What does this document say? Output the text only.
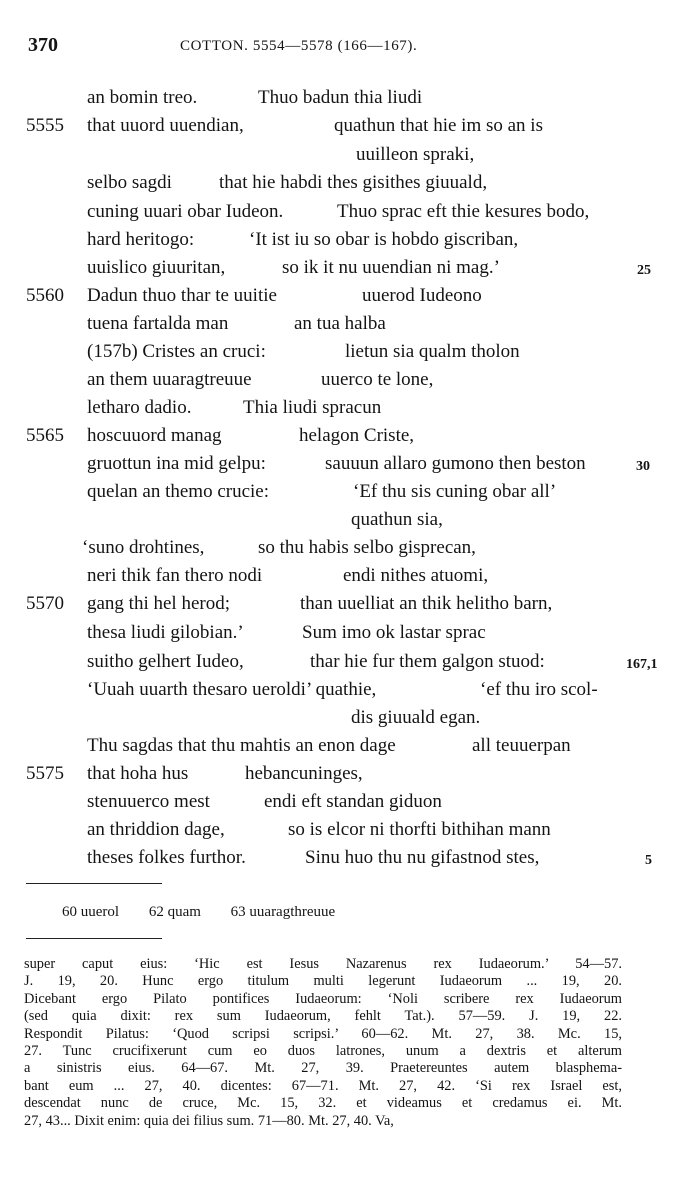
370	COTTON. 5554—5578 (166—167).
an bomin treo.	Thuo badun thia liudi
5555 that uuord uuendian,	quathun that hie im so an is
uuilleon spraki,
selbo sagdi that hie habdi thes gisithes giuuald,
cuning uuari obar Iudeon.	Thuo sprac eft thie kesures bodo,
hard heritogo:	‘It ist iu so obar is hobdo giscriban,
uuislico giuuritan,	so ik it nu uuendian ni mag.’	25
5560 Dadun thuo thar te uuitie	uuerod Iudeono
tuena fartalda man	an tua halba
(157b) Cristes an cruci:	lietun sia qualm tholon
an them uuaragtreuue	uuerco te lone,
letharo dadio.	Thia liudi spracun
5565 hoscuuord manag	helagon Criste,
gruottun ina mid gelpu:	sauuun allaro gumono then beston	30
quelan an themo crucie:	‘Ef thu sis cuning obar all’
quathun sia,
‘suno drohtines,	so thu habis selbo gisprecan,
neri thik fan thero nodi	endi nithes atuomi,
5570 gang thi hel herod;	than uuelliat an thik helitho barn,
thesa liudi gilobian.’	Sum imo ok lastar sprac
suitho gelhert Iudeo,	thar hie fur them galgon stuod:	167,1
‘Uuah uuarth thesaro ueroldi’ quathie,	‘ef thu iro scol-
dis giuuald egan.
Thu sagdas that thu mahtis an enon dage	all teuuerpan
5575 that hoha hus	hebancuninges,
stenuuerco mest	endi eft standan giduon
an thriddion dage,	so is elcor ni thorfti bithihan mann
theses folkes furthor.	Sinu huo thu nu gifastnod stes,	5
60 uuerol 62 quam 63 uuaragthreuue
super caput eius: ‘Hic est Iesus Nazarenus rex Iudaeorum.’ 54—57.
J. 19, 20. Hunc ergo titulum multi legerunt Iudaeorum ... 19, 20.
Dicebant ergo Pilato pontifices Iudaeorum: ‘Noli scribere rex Iudaeorum
(sed quia dixit: rex sum Iudaeorum, fehlt Tat.). 57—59. J. 19, 22.
Respondit Pilatus: ‘Quod scripsi scripsi.’ 60—62. Mt. 27, 38. Mc. 15,
27. Tunc crucifixerunt cum eo duos latrones, unum a dextris et alterum
a sinistris eius. 64—67. Mt. 27, 39. Praetereuntes autem blasphema-
bant eum ... 27, 40. dicentes: 67—71. Mt. 27, 42. ‘Si rex Israel est,
descendat nunc de cruce, Mc. 15, 32. et videamus et credamus ei. Mt.
27, 43... Dixit enim: quia dei filius sum. 71—80. Mt. 27, 40. Va,
